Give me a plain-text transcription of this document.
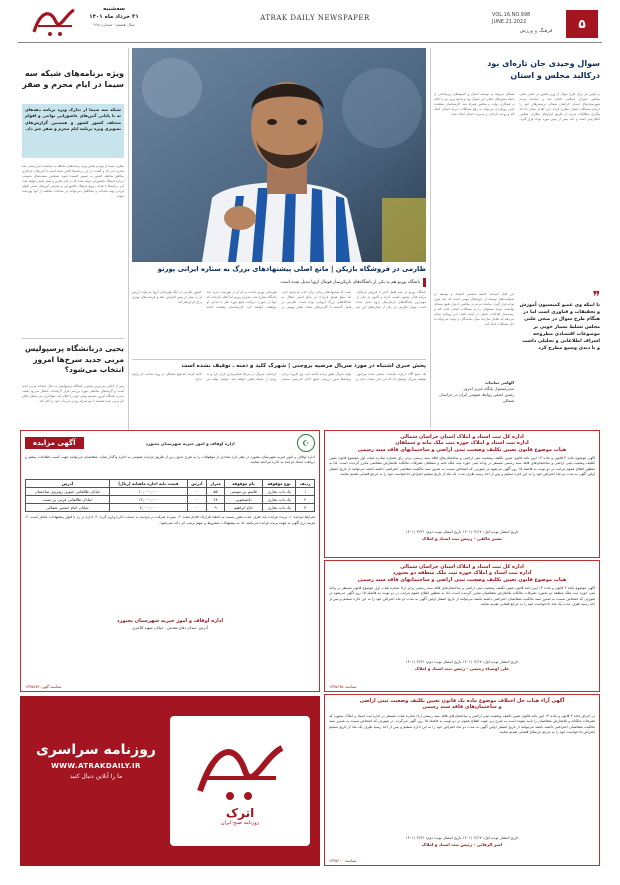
سه‌شنبه
۳۱ خرداد ماه ۱۴۰۱
سال هشتم - شماره ۹۹۸
ATRAK DAILY NEWSPAPER	VOL.16,NO.998
JUNE.21.2022
فرهنگ و ورزش	۵
ویژه برنامه‌های شبکه سه سیما در ایام محرم و صفر
شبکه سه سیما از تدارک ویژه برنامه دهه‌های نه تا پایانی آئین‌های عاشورایی نواحی و اقوام مختلف کشور کشور و همچنین گزارش‌های تصویری ویژه برنامه ایام محرم و صفر خبر داد.
معاون سیما از تهیه و پخش ویژه برنامه‌های مختلف به مناسبت فرارسیدن ماه محرم خبر داد و گفت: در این برنامه‌ها تلاش شده است تا آئین‌های عزاداری مناطق مختلف کشور به تصویر کشیده شود. همچنین مستندهای متنوعی درباره فرهنگ عاشورایی تولید شده که در ایام محرم و صفر پخش خواهد شد. این برنامه‌ها با هدف ترویج فرهنگ عاشورایی و معرفی آیین‌های سنتی اقوام ایرانی تهیه شده‌اند و مخاطبان می‌توانند در ساعات مختلف از آنها بهره‌مند شوند.
یحیی دربانشگاه پرسپولیس مربی جدید سرخ‌ها امروز انتخاب می‌شود؟
پس از جدایی سرمربی پیشین، باشگاه پرسپولیس به دنبال انتخاب مربی جدید است و گزینه‌های مختلفی مورد بررسی قرار گرفته‌اند. انتظار می‌رود هیئت مدیره باشگاه امروز تصمیم نهایی خود را اعلام کند. هواداران نیز منتظر اعلام نام مربی جدید هستند تا تیم هرچه زودتر تمرینات خود را آغاز کند.
طارمی در فروشگاه بازیکن | مانع اصلی پیشنهادهای بزرگ به ستاره ایرانی پورتو
باشگاه پورتو هم به یکی از باشگاه‌های بازیکن‌ساز فوتبال اروپا تبدیل شده است.
باشگاه پورتو در سه‌ فصل اخیر با فروش بازیکنان درآمد قابل توجهی کسب کرده و اکنون به یکی از مهم‌ترین باشگاه‌های بازیکن‌ساز اروپا تبدیل شده است. مهدی طارمی نیز یکی از ستاره‌های این تیم است که پیشنهادهای زیادی برای جذب او وجود دارد. اما مبلغ فسخ قرارداد او مانع اصلی انتقال به باشگاه‌های بزرگ اروپایی بوده است. طارمی در فصل گذشته با گلزنی‌های متعدد نقش مهمی در قهرمانی پورتو داشت و نام او در فهرست خرید چند باشگاه مطرح شد. مدیران پورتو اما اعلام کرده‌اند که تنها در صورت دریافت مبلغ مورد نظر با جدایی او موافقت خواهند کرد. کارشناسان معتقدند ادامه حضور طارمی در لیگ قهرمانان اروپا می‌تواند ارزش او را بیش از پیش افزایش دهد و فرصت‌های بهتری برای او فراهم کند.
پخش خبری اشتباه در مورد سریال مرضیه بروجنی | شهرک کلید و دمنه ـ توقیف نشده است
یک منبع آگاه درباره شایعات منتشر شده پیرامون توقیف سریال توضیح داد که این خبر صحت ندارد و تولید سریال طبق برنامه ادامه دارد. وی افزود: برخی رسانه‌ها بدون بررسی دقیق اخبار نادرستی منتشر کرده‌اند. سریال در مرحله فیلمبرداری قرار دارد و به زودی از شبکه پخش خواهد شد. عوامل تولید نیز تاکید کردند که هیچ مشکلی در روند ساخت اثر وجود ندارد.
سوال وحیدی جان تازه‌ای بود درکالبد مجلس و استان
بر اولین بار برای طرح سوال از وزیر کشور در صحن علنی مجلس شورای اسلامی اقدام شد و نماینده مردم شهرستان‌های استان خراسان شمالی پرسش‌های خود را درباره مشکلات استان مطرح کردند. این اقدام نشان داد که پیگیری مطالبات مردم از طریق ابزارهای نظارتی مجلس امکان‌پذیر است و باید بیش از پیش مورد توجه قرار گیرد. مسائل مربوط به توسعه استان و کمبودهای زیرساختی از جمله محورهای اصلی این سوال بود و پاسخ وزیر نیز با تاکید بر همکاری دولت و مجلس همراه شد. کارشناسان معتقدند چنین رویکردی می‌تواند به رفع مشکلات دیرینه استان کمک کند و روحیه تازه‌ای در مدیریت استان ایجاد نماید.
❞
با اینکه وی عضو کمیسیون آموزش و تحقیقات و فناوری است اما در هنگام طرح سوال در صحن علنی مجلس تسلط بسیار خوبی بر موضوعات اقتصادی مطروحه اشراف اطلاعاتی و تحلیلی داشت و با دیدی وسیع مطرح کرد
این قابل آسمانه جامعه شناسی اقتصاد و توسعه در سیاست‌های توسعه از حوزه‌های مهمی است که باید مورد توجه قرار گیرد. نماینده مردم در مجلس با بیان دقیق مسائل توانست توجه مسئولان را به مشکلات استان جلب کند و زمینه‌ساز اقدامات عملی در آینده باشد. این رویکرد نشان می‌دهد که تعامل سازنده میان نمایندگان و دولت می‌تواند به حل مشکلات کمک کند.
الهامی ساتیات
مدیرمسئول پایگاه خبری امروز
رئیس انجمن روابط عمومی ایران در خراسان شمالی
اداره کل ثبت اسناد و املاک استان خراسان شمالی
اداره ثبت اسناد و املاک حوزه ثبت ملک مانه و سملقان
هیات موضوع قانون تعیین تکلیف وضعیت ثبتی اراضی و ساختمانهای فاقد سند رسمی
آگهی موضوع ماده ۳ قانون و ماده ۱۳ آیین نامه قانون تعیین تکلیف وضعیت ثبتی اراضی و ساختمان‌های فاقد سند رسمی برابر رای شماره صادره هیات اول موضوع قانون تعیین تکلیف وضعیت ثبتی اراضی و ساختمان‌های فاقد سند رسمی مستقر در واحد ثبتی حوزه ثبت ملک مانه و سملقان تصرفات مالکانه بلامعارض متقاضی محرز گردیده است. لذا به منظور اطلاع عموم مراتب در دو نوبت به فاصله ۱۵ روز آگهی می‌شود در صورتی که اشخاص نسبت به صدور سند مالکیت متقاضی اعتراضی داشته باشند می‌توانند از تاریخ انتشار اولین آگهی به مدت دو ماه اعتراض خود را به این اداره تسلیم و پس از اخذ رسید ظرف مدت یک ماه از تاریخ تسلیم اعتراض دادخواست خود را به مرجع قضایی تقدیم نمایند.
تاریخ انتشار نوبت اول: ۱۴۰۱/۰۳/۱۷ تاریخ انتشار نوبت دوم: ۱۴۰۱/۰۳/۳۱
بشیر خالقی - رئیس ثبت اسناد و املاک
اداره کل ثبت اسناد و املاک استان خراسان شمالی
اداره ثبت اسناد و املاک حوزه ثبت ملک منطقه دو بجنورد
هیات موضوع قانون تعیین تکلیف وضعیت ثبتی اراضی و ساختمانهای فاقد سند رسمی
آگهی موضوع ماده ۳ قانون و ماده ۱۳ آیین نامه قانون تعیین تکلیف وضعیت ثبتی اراضی و ساختمان‌های فاقد سند رسمی برابر آراء صادره هیات اول موضوع قانون مستقر در واحد ثبتی حوزه ثبت ملک منطقه دو بجنورد تصرفات مالکانه بلامعارض متقاضیان محرز گردیده است. لذا به منظور اطلاع عموم مراتب در دو نوبت به فاصله ۱۵ روز آگهی می‌شود در صورتی که اشخاص نسبت به صدور سند مالکیت متقاضیان اعتراضی داشته باشند می‌توانند از تاریخ انتشار اولین آگهی به مدت دو ماه اعتراض خود را به این اداره تسلیم و پس از اخذ رسید ظرف مدت یک ماه دادخواست خود را به مرجع قضایی تقدیم نمایند.
تاریخ انتشار نوبت اول: ۱۴۰۱/۰۳/۱۷ تاریخ انتشار نوبت دوم: ۱۴۰۱/۰۳/۳۱
علی اوصیاء رحیمی - رئیس ثبت اسناد و املاک
شناسه: ۱۳۳۵۶۹۵
☪
اداره اوقاف و امور خیریه شهرستان بجنورد
آگهی مزایده
اداره اوقاف و امور خیریه شهرستان بجنورد در نظر دارد تعدادی از موقوفات را به شرح جدول زیر از طریق مزایده عمومی به اجاره واگذار نماید. متقاضیان می‌توانند جهت کسب اطلاعات بیشتر و دریافت اسناد مزایده به اداره مراجعه نمایند.
ردیف	نوع موقوفه	نام موقوفه	متراژ	آدرس	قیمت پایه اجاره ماهیانه (ریال)	آدرس
۱	یک باب تجاری	قاسم بن موسی	۵۵	-	۱۰,۰۰۰,۰۰۰	خیابان طالقانی جنوبی روبروی ساختمان
۲	یک باب تجاری	دانشجویی	۲۸	-	۱۲,۰۰۰,۰۰۰	خیابان طالقانی غربی بن بست
۳	یک باب تجاری	حاج ابراهیم	۹	-	۴,۰۰۰,۰۰۰	خیابان امام خمینی شمالی
شرایط مزایده: ۱- برنده مزایده باید ظرف مدت مقرر نسبت به انعقاد قرارداد اقدام نماید. ۲- سپرده شرکت در مزایده به حساب اداره واریز گردد. ۳- اداره در رد یا قبول پیشنهادات مختار است. ۴- هزینه درج آگهی به عهده برنده مزایده می‌باشد. ۵- به پیشنهادات مشروط و مبهم ترتیب اثر داده نمی‌شود.
اداره اوقاف و امور خیریه شهرستان بجنورد
آدرس: میدان دفاع مقدس - خیابان شهید کلانتری
شناسه آگهی: ۱۳۳۵۷۸۹
آگهی آراء هیات حل اختلاف موضوع ماده یک قانون تعیین تکلیف وضعیت ثبتی اراضی
و ساختمان‌های فاقد سند رسمی
در اجرای ماده ۳ قانون و ماده ۱۳ آیین نامه قانون تعیین تکلیف وضعیت ثبتی اراضی و ساختمان‌های فاقد سند رسمی آراء صادره هیات مستقر در اداره ثبت اسناد و املاک بجنورد که تصرفات مالکانه و بلامعارض متقاضیان را تایید نموده است به شرح زیر جهت اطلاع عموم در دو نوبت به فاصله ۱۵ روز آگهی می‌گردد. در صورتی که اشخاص نسبت به صدور سند مالکیت متقاضیان اعتراضی داشته باشند می‌توانند از تاریخ انتشار اولین آگهی به مدت دو ماه اعتراض خود را به این اداره تسلیم و پس از اخذ رسید ظرف یک ماه از تاریخ تسلیم اعتراض دادخواست خود را به مرجع ذی‌صلاح قضایی تقدیم نمایند.
تاریخ انتشار نوبت اول: ۱۴۰۱/۰۳/۱۷ تاریخ انتشار نوبت دوم: ۱۴۰۱/۰۳/۳۱
امیر الرقائی - رئیس ثبت اسناد و املاک
شناسه: ۱۳۳۵۶۰۰
اترک
روزنامه صبح ایران
روزنامه سراسری
WWW.ATRAKDAILY.IR
ما را آنلاین دنبال کنید
